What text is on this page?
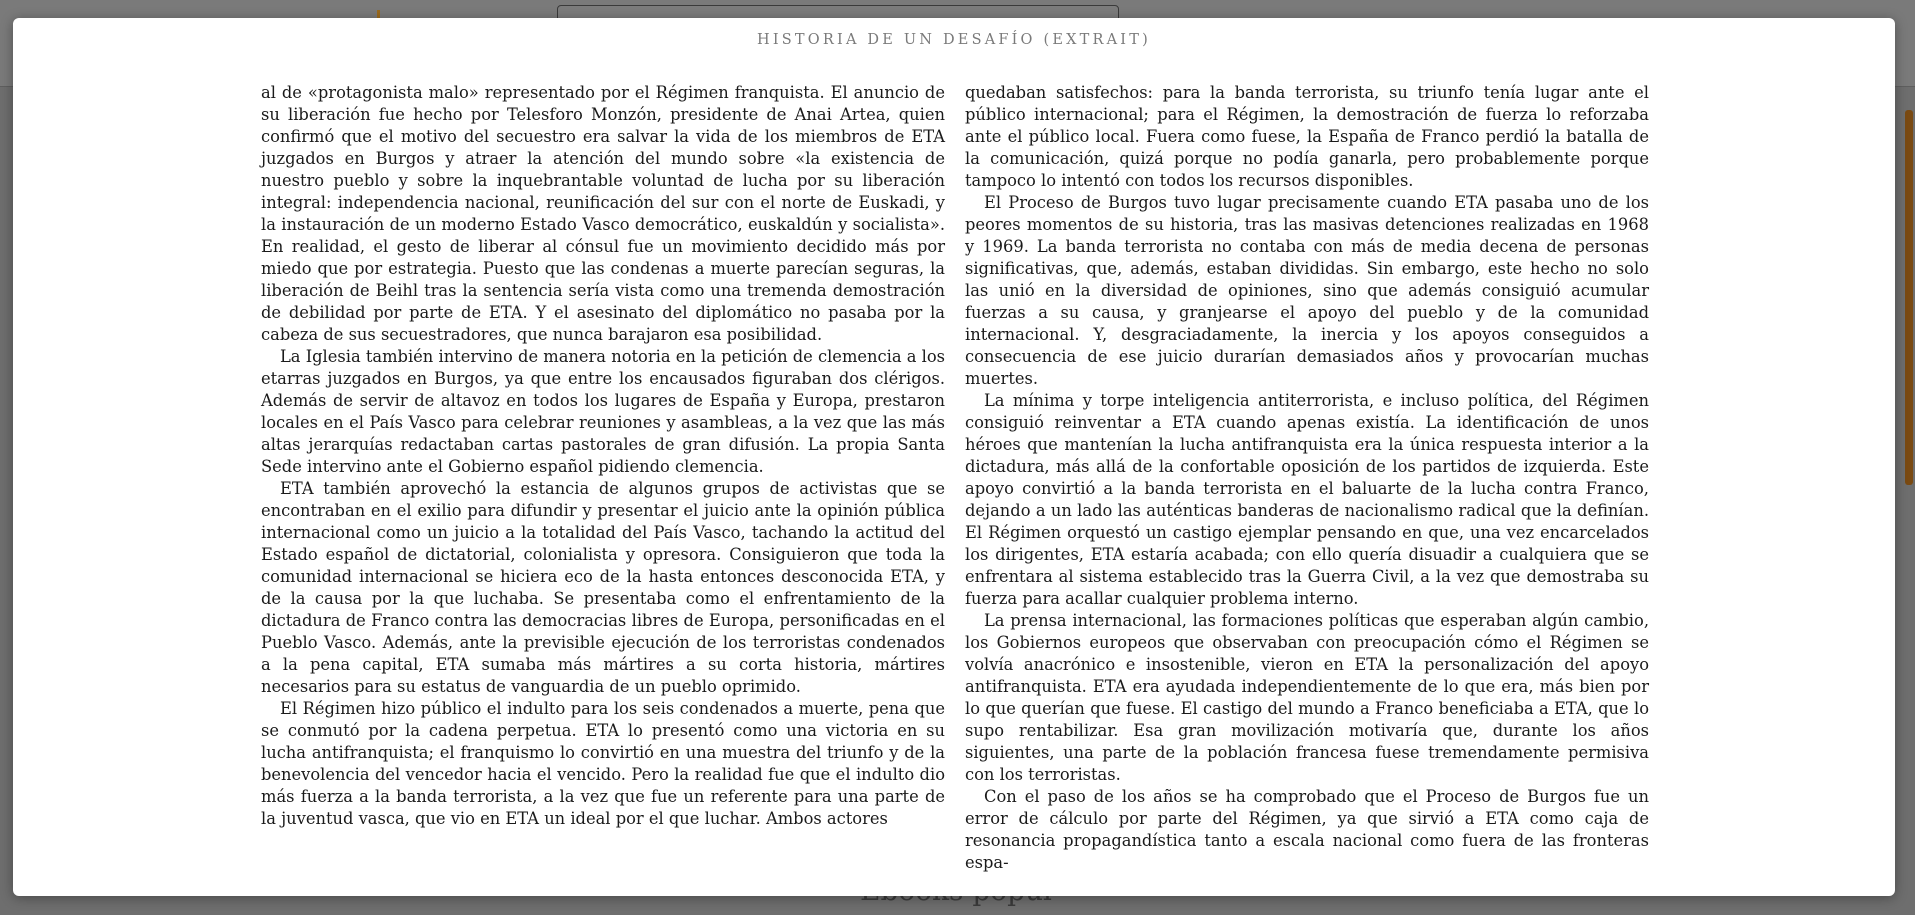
HISTORIA DE UN DESAFÍO (EXTRAIT)

al de «protagonista malo» representado por el Régimen franquista. El anuncio de su liberación fue hecho por Telesforo Monzón, presidente de Anai Artea, quien confirmó que el motivo del secuestro era salvar la vida de los miembros de ETA juzgados en Burgos y atraer la atención del mundo sobre «la existencia de nuestro pueblo y sobre la inquebrantable voluntad de lucha por su liberación integral: independencia nacional, reunificación del sur con el norte de Euskadi, y la instauración de un moderno Estado Vasco democrático, euskaldún y socialista». En realidad, el gesto de liberar al cónsul fue un movimiento decidido más por miedo que por estrategia. Puesto que las condenas a muerte parecían seguras, la liberación de Beihl tras la sentencia sería vista como una tremenda demostración de debilidad por parte de ETA. Y el asesinato del diplomático no pasaba por la cabeza de sus secuestradores, que nunca barajaron esa posibilidad.

La Iglesia también intervino de manera notoria en la petición de clemencia a los etarras juzgados en Burgos, ya que entre los encausados figuraban dos clérigos. Además de servir de altavoz en todos los lugares de España y Europa, prestaron locales en el País Vasco para celebrar reuniones y asambleas, a la vez que las más altas jerarquías redactaban cartas pastorales de gran difusión. La propia Santa Sede intervino ante el Gobierno español pidiendo clemencia.

ETA también aprovechó la estancia de algunos grupos de activistas que se encontraban en el exilio para difundir y presentar el juicio ante la opinión pública internacional como un juicio a la totalidad del País Vasco, tachando la actitud del Estado español de dictatorial, colonialista y opresora. Consiguieron que toda la comunidad internacional se hiciera eco de la hasta entonces desconocida ETA, y de la causa por la que luchaba. Se presentaba como el enfrentamiento de la dictadura de Franco contra las democracias libres de Europa, personificadas en el Pueblo Vasco. Además, ante la previsible ejecución de los terroristas condenados a la pena capital, ETA sumaba más mártires a su corta historia, mártires necesarios para su estatus de vanguardia de un pueblo oprimido.

El Régimen hizo público el indulto para los seis condenados a muerte, pena que se conmutó por la cadena perpetua. ETA lo presentó como una victoria en su lucha antifranquista; el franquismo lo convirtió en una muestra del triunfo y de la benevolencia del vencedor hacia el vencido. Pero la realidad fue que el indulto dio más fuerza a la banda terrorista, a la vez que fue un referente para una parte de la juventud vasca, que vio en ETA un ideal por el que luchar. Ambos actores

quedaban satisfechos: para la banda terrorista, su triunfo tenía lugar ante el público internacional; para el Régimen, la demostración de fuerza lo reforzaba ante el público local. Fuera como fuese, la España de Franco perdió la batalla de la comunicación, quizá porque no podía ganarla, pero probablemente porque tampoco lo intentó con todos los recursos disponibles.

El Proceso de Burgos tuvo lugar precisamente cuando ETA pasaba uno de los peores momentos de su historia, tras las masivas detenciones realizadas en 1968 y 1969. La banda terrorista no contaba con más de media decena de personas significativas, que, además, estaban divididas. Sin embargo, este hecho no solo las unió en la diversidad de opiniones, sino que además consiguió acumular fuerzas a su causa, y granjearse el apoyo del pueblo y de la comunidad internacional. Y, desgraciadamente, la inercia y los apoyos conseguidos a consecuencia de ese juicio durarían demasiados años y provocarían muchas muertes.

La mínima y torpe inteligencia antiterrorista, e incluso política, del Régimen consiguió reinventar a ETA cuando apenas existía. La identificación de unos héroes que mantenían la lucha antifranquista era la única respuesta interior a la dictadura, más allá de la confortable oposición de los partidos de izquierda. Este apoyo convirtió a la banda terrorista en el baluarte de la lucha contra Franco, dejando a un lado las auténticas banderas de nacionalismo radical que la definían. El Régimen orquestó un castigo ejemplar pensando en que, una vez encarcelados los dirigentes, ETA estaría acabada; con ello quería disuadir a cualquiera que se enfrentara al sistema establecido tras la Guerra Civil, a la vez que demostraba su fuerza para acallar cualquier problema interno.

La prensa internacional, las formaciones políticas que esperaban algún cambio, los Gobiernos europeos que observaban con preocupación cómo el Régimen se volvía anacrónico e insostenible, vieron en ETA la personalización del apoyo antifranquista. ETA era ayudada independientemente de lo que era, más bien por lo que querían que fuese. El castigo del mundo a Franco beneficiaba a ETA, que lo supo rentabilizar. Esa gran movilización motivaría que, durante los años siguientes, una parte de la población francesa fuese tremendamente permisiva con los terroristas.

Con el paso de los años se ha comprobado que el Proceso de Burgos fue un error de cálculo por parte del Régimen, ya que sirvió a ETA como caja de resonancia propagandística tanto a escala nacional como fuera de las fronteras espa-
